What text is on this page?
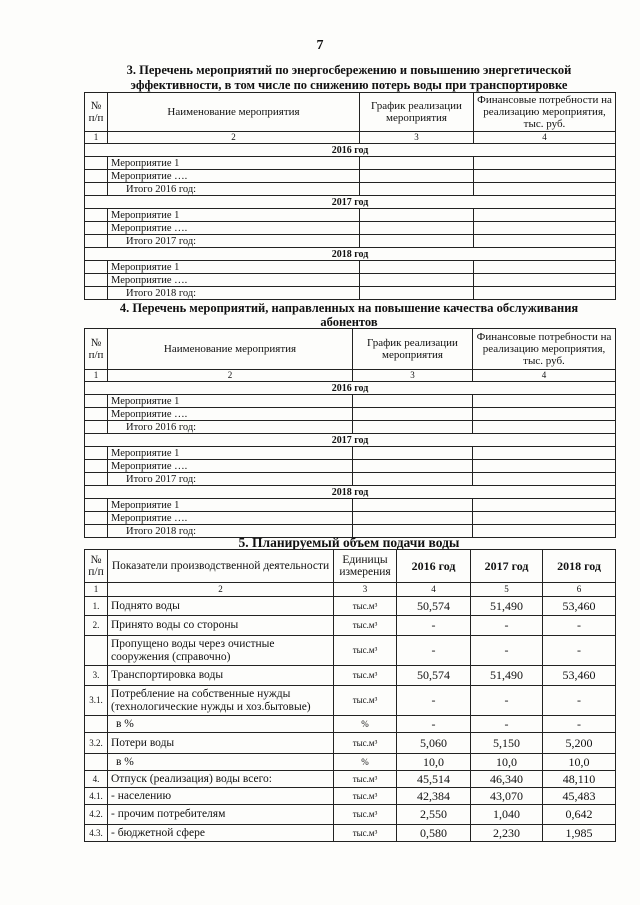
7

3. Перечень мероприятий по энергосбережению и повышению энергетической

эффективности, в том числе по снижению потерь воды при транспортировке

№ п/п	Наименование мероприятия	График реализации мероприятия	Финансовые потребности на реализацию мероприятия, тыс. руб.
1	2	3	4
2016 год			
	Мероприятие 1		
	Мероприятие ….		
	Итого 2016 год:		
2017 год			
	Мероприятие 1		
	Мероприятие ….		
	Итого 2017 год:		
2018 год			
	Мероприятие 1		
	Мероприятие ….		
	Итого 2018 год:		

4. Перечень мероприятий, направленных на повышение качества обслуживания

абонентов

№ п/п	Наименование мероприятия	График реализации мероприятия	Финансовые потребности на реализацию мероприятия, тыс. руб.
1	2	3	4
2016 год			
	Мероприятие 1		
	Мероприятие ….		
	Итого 2016 год:		
2017 год			
	Мероприятие 1		
	Мероприятие ….		
	Итого 2017 год:		
2018 год			
	Мероприятие 1		
	Мероприятие ….		
	Итого 2018 год:		

5. Планируемый объем подачи воды

№ п/п	Показатели производственной деятельности	Единицы измерения	2016 год	2017 год	2018 год
1	2	3	4	5	6
1.	Поднято воды	тыс.м³	50,574	51,490	53,460
2.	Принято воды со стороны	тыс.м³	-	-	-
	Пропущено воды через очистные сооружения (справочно)	тыс.м³	-	-	-
3.	Транспортировка воды	тыс.м³	50,574	51,490	53,460
3.1.	Потребление на собственные нужды (технологические нужды и хоз.бытовые)	тыс.м³	-	-	-
	в %	%	-	-	-
3.2.	Потери воды	тыс.м³	5,060	5,150	5,200
	в %	%	10,0	10,0	10,0
4.	Отпуск (реализация) воды всего:	тыс.м³	45,514	46,340	48,110
4.1.	- населению	тыс.м³	42,384	43,070	45,483
4.2.	- прочим потребителям	тыс.м³	2,550	1,040	0,642
4.3.	- бюджетной сфере	тыс.м³	0,580	2,230	1,985
